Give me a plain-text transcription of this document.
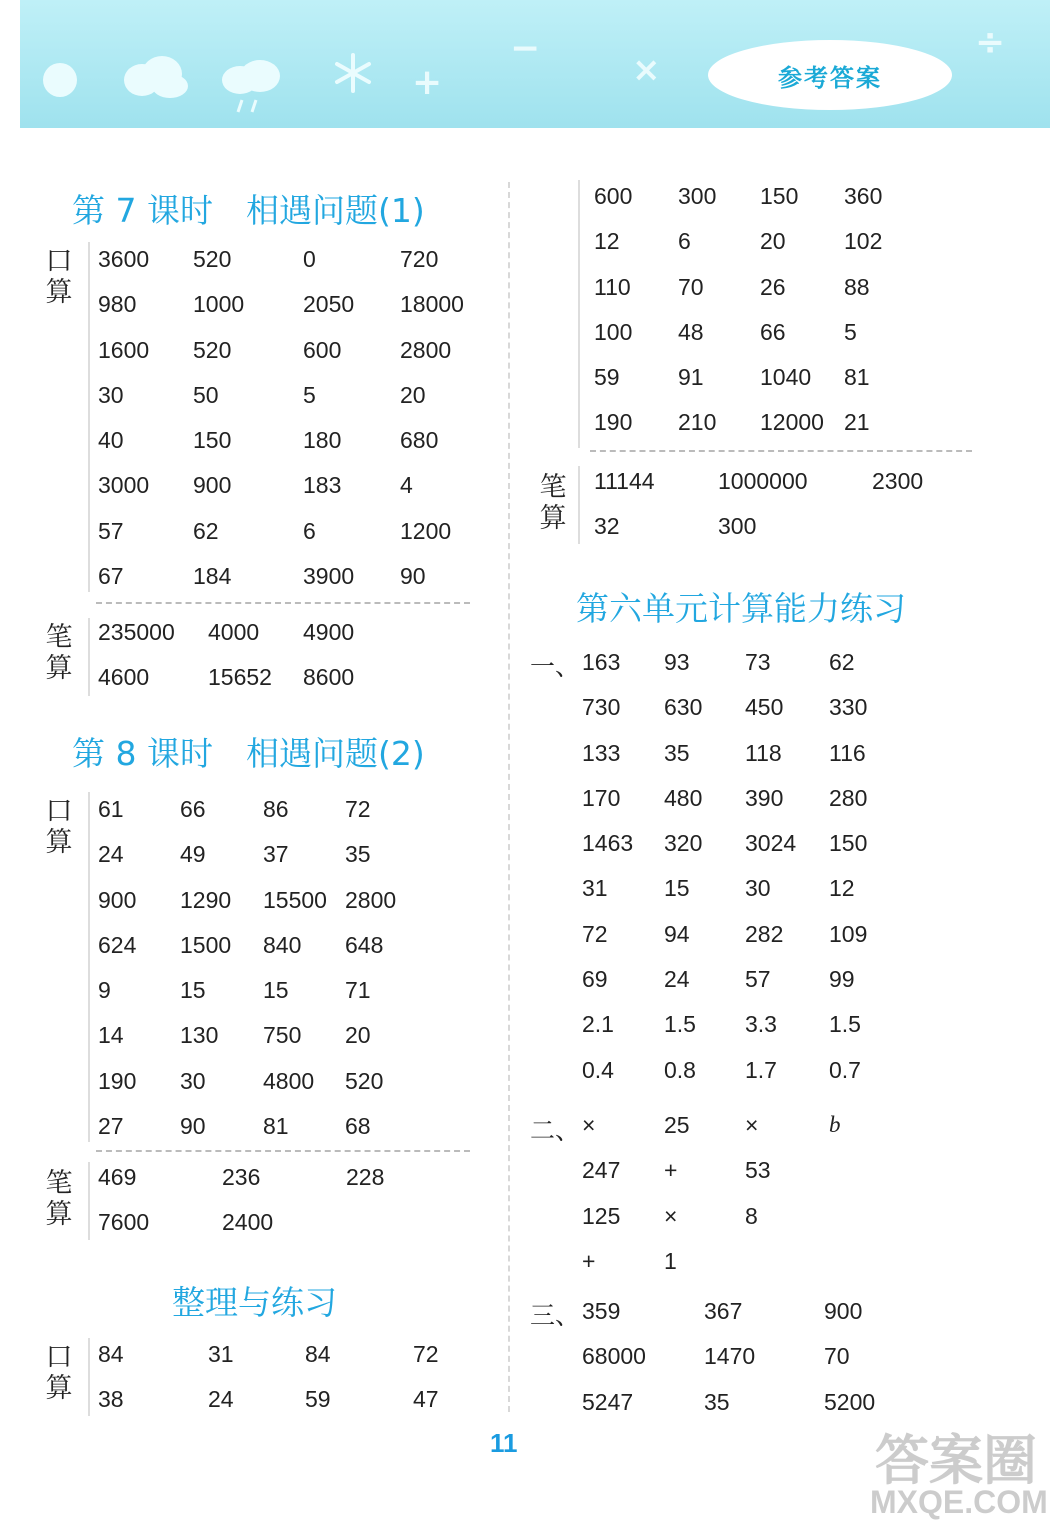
+
−
×
÷
参考答案
第 7 课时　相遇问题(1)
口算
3600 520	0	720
980 1000	2050 18000
1600 520	600	2800
30	50	5	20
40	150	180	680
3000 900	183	4
57	62	6	1200
67	184	3900 90
笔算
235000 4000 4900
4600	15652 8600
第 8 课时　相遇问题(2)
口算
61 66 86 72
24 49 37 35
900 1290 15500 2800
624 1500 840 648
9	15 15 71
14 130 750 20
190 30 4800 520
27 90 81 68
笔算
469	236	228
7600	2400
整理与练习
口算
84	31	84	72
38	24	59	47
600 300 150 360
12	6	20	102
110 70 26	88
100 48 66	5
59	91 1040 81
190 210 12000 21
笔算
11144	1000000	2300
32	300
第六单元计算能力练习
一、 163 93 73	62
730 630 450 330
133 35 118 116
170 480 390 280
1463 320 3024 150
31 15 30	12
72 94 282 109
69 24 57	99
2.1 1.5 3.3 1.5
0.4 0.8 1.7 0.7
二、 ×	25 ×	b
247 +	53
125 ×	8
+	1
三、 359	367	900
68000	1470	70
5247	35	5200
11	答案圈
MXQE.COM
